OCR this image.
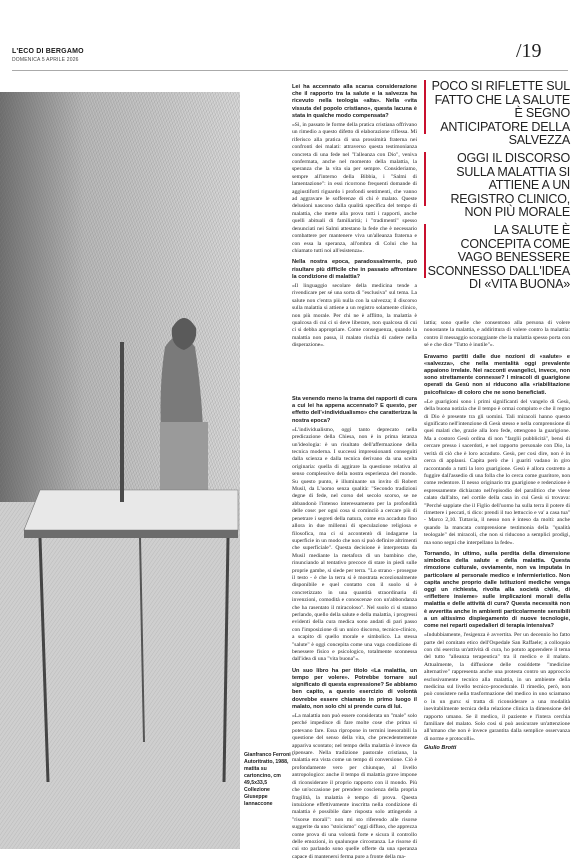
L'ECO DI BERGAMO
DOMENICA 5 APRILE 2026	/19
Gianfranco Ferroni - Autoritratto, 1988, matita su cartoncino, cm 49,5x33,5 Collezione Giuseppe Iannaccone
POCO SI RIFLETTE SUL FATTO CHE LA SALUTE È SEGNO ANTICIPATORE DELLA SALVEZZA
OGGI IL DISCORSO SULLA MALATTIA SI ATTIENE A UN REGISTRO CLINICO, NON PIÙ MORALE
LA SALUTE È CONCEPITA COME VAGO BENESSERE SCONNESSO DALL'IDEA DI «VITA BUONA»

Lei ha accennato alla scarsa considerazione che il rapporto tra la salute e la salvezza ha ricevuto nella teologia «alta». Nella «vita vissuta del popolo cristiano», questa lacuna è stata in qualche modo compensata?

«Sì, in passato le forme della pratica cristiana offrivano un rimedio a questo difetto di elaborazione riflessa. Mi riferisco alla pratica di una prossimità fraterna nei confronti dei malati: attraverso questa testimonianza concreta di una fede nel "l'alleanza con Dio", veniva confermata, anche nel momento della malattia, la speranza che la vita sia per sempre. Consideriamo, sempre all'interno della Bibbia, i "Salmi di lamentazione": in essi ricorrono frequenti domande di aggiustiforti riguardo i profondi sentimenti, che vanno ad aggravare le sofferenze di chi è malato. Queste delusioni nascono dalla qualità specifica del tempo di malattia, che mette alla prova tutti i rapporti, anche quelli abituali di familiarità; i "tradimenti" spesso denunciati nei Salmi attestano la fede che è necessario combattere per mantenere viva un'alleanza fraterna e con essa la speranza, all'ombra di Colui che ha chiamato tutti noi all'esistenza».

Nella nostra epoca, paradossalmente, può risultare più difficile che in passato affrontare la condizione di malattia?

«Il linguaggio secolare della medicina tende a rivendicare per sé una sorta di "esclusiva" sul tema. La salute non c'entra più nulla con la salvezza; il discorso sulla malattia si attiene a un registro solamente clinico, non più morale. Per chi ne è afflitto, la malattia è qualcosa di cui ci si deve liberare, non qualcosa di cui ci si debba appropriare. Come conseguenza, quando la malattia non passa, il malato rischia di cadere nella disperazione».

Sta venendo meno la trama dei rapporti di cura a cui lei ha appena accennato? E questo, per effetto dell'«individualismo» che caratterizza la nostra epoca?

«L'individualismo, oggi tanto deprecato nella predicazione della Chiesa, non è in prima istanza un'ideologia: è un risultato dell'affermazione della tecnica moderna. I successi impressionanti conseguiti dalla scienza e dalla tecnica derivano da una scelta originaria: quella di aggirare la questione relativa al senso complessivo della nostra esperienza del mondo. Su questo punto, è illuminante un invito di Robert Musil, da L'uomo senza qualità: "Secondo tradizioni degne di fede, nel corso del secolo scorso, se ne abbandonò l'intenso interessamento per la profondità delle cose: per ogni cosa si cominciò a cercare più di penetrare i segreti della natura, come era accaduto fino allora in due millenni di speculazione religiosa e filosofica, ma ci si accontentò di indagarne la superficie in un modo che non si può definire altrimenti che superficiale". Questa decisione è interpretata da Musil mediante la metafora di un bambino che, rinunciando al tentativo precoce di stare in piedi sulle proprie gambe, si siede per terra. "Lo strano - prosegue il testo - è che la terra si è mostrata eccezionalmente disponibile e quel contatto con il suolo si è concretizzato in una quantità straordinaria di invenzioni, comodità e conoscenze con un'abbondanza che ha rasentato il miracoloso". Nel suolo ci si stanno perlando, quello della salute e della malattia, i progressi evidenti della cura medica sono andati di pari passo con l'imposizione di un unico discorso, tecnico-clinico, a scapito di quello morale e simbolico. La stessa "salute" è oggi concepita come una vaga condizione di benessere fisico e psicologico, totalmente sconnessa dall'idea di una "vita buona"».

Un suo libro ha per titolo «La malattia, un tempo per volere». Potrebbe tornare sul significato di questa espressione? Se abbiamo ben capito, a questo esercizio di volontà dovrebbe essere chiamato in primo luogo il malato, non solo chi si prende cura di lui.

«La malattia non può essere considerata un "male" solo perché impedisce di fare molte cose che prima si potevano fare. Essa ripropone in termini inesorabili la questione del senso della vita, che precedentemente appariva scontato; nel tempo della malattia è invece da ripensare. Nella tradizione pastorale cristiana, la malattia era vista come un tempo di conversione. Ciò è profondamente vero per chiunque, al livello antropologico: anche il tempo di malattia grave impone di riconsiderare il proprio rapporto con il mondo. Più che un'occasione per prendere coscienza della propria fragilità, la malattia è tempo di prova. Questa intuizione effettivamente inscritta nella condizione di malattia è possibile dare risposta solo attingendo a "risorse morali": non mi sto riferendo alle risorse suggerite da uno "stoicismo" oggi diffuso, che apprezza come prova di una volontà forte e sicura il controllo delle emozioni, in qualunque circostanza. Le risorse di cui sto parlando sono quelle offerte da una speranza capace di mantenersi ferma pure a fronte della ma-

lattia; sono quelle che consentono alla persona di volere nonostante la malattia, e addirittura di volere contro la malattia: contro il messaggio scoraggiante che la malattia spesso porta con sé e che dice "Tutto è inutile"».

Eravamo partiti dalle due nozioni di «salute» e «salvezza», che nella mentalità oggi prevalente appaiono irrelate. Nei racconti evangelici, invece, non sono strettamente connesse? I miracoli di guarigione operati da Gesù non si riducono alla «riabilitazione psicofisica» di coloro che ne sono beneficiati.

«Le guarigioni sono i primi significanti del vangelo di Gesù, della buona notizia che il tempo è ormai compiuto e che il regno di Dio è presente tra gli uomini. Tali miracoli hanno questo significato nell'intenzione di Gesù stesso e nella comprensione di quei malati che, grazie alla loro fede, ottengono la guarigione. Ma a costoro Gesù ordina di non "farglii pubblicità", bensì di cercare presso i sacerdoti, e nel rapporto personale con Dio, la verità di ciò che è loro accaduto. Gesù, per così dire, non è in cerca di applausi. Capita però che i guariti vadano in giro raccontando a tutti la loro guarigione. Gesù è allora costretto a fuggire dall'assedio di una folla che lo cerca come guaritore, non come redentore. Il nesso originario tra guarigione e redenzione è espressamente dichiarato nell'episodio del paralitico che viene calato dall'alto, nel cortile della casa in cui Gesù si trovava: "Perché sappiate che il Figlio dell'uomo ha sulla terra il potere di rimettere i peccati, ti dico: prendi il tuo lettuccio e va' a casa tua" - Marco 2,10. Tuttavia, il nesso non è inteso da molti: anche quando la mancata comprensione testimonia della "qualità teologale" dei miracoli, che non si riducono a semplici prodigi, ma sono segni che interpellano la fede».

Tornando, in ultimo, sulla perdita della dimensione simbolica della salute e della malattia. Questa rimozione culturale, ovviamente, non va imputata in particolare al personale medico e infermieristico. Non capita anche proprio dalle istituzioni mediche venga oggi un richiesta, rivolta alla società civile, di «riflettere insieme» sulle implicazioni morali della malattia e delle attività di cura? Questa necessità non è avvertita anche in ambienti particolarmente sensibili a un altissimo dispiegamento di nuove tecnologie, come nei reparti ospedalieri di terapia intensiva?

«Indubbiamente, l'esigenza è avvertita. Per un decennio ho fatto parte del comitato etico dell'Ospedale San Raffaele; a colloquio con chi esercita un'attività di cura, ho potuto apprendere il tema del tutto "alleanza terapeutica" tra il medico e il malato. Attualmente, la diffusione delle cosiddette "medicine alternative" rappresenta anche una protesta contro un approccio esclusivamente tecnico alla malattia, in un ambiente della medicina sul livello tecnico-procedurale. Il rimedio, però, non può consistere nella trasformazione del medico in uno sciamano o in un guru: si tratta di riconsiderare a una modalità inevitabilmente tecnica della relazione clinica la dimensione del rapporto umano. Se il medico, il paziente e l'intera cerchia familiare del malato. Solo così si può assicurare un'attenzione all'umano che non è invece garantita dalla semplice osservanza di norme e protocolli».

Giulio Brotti
